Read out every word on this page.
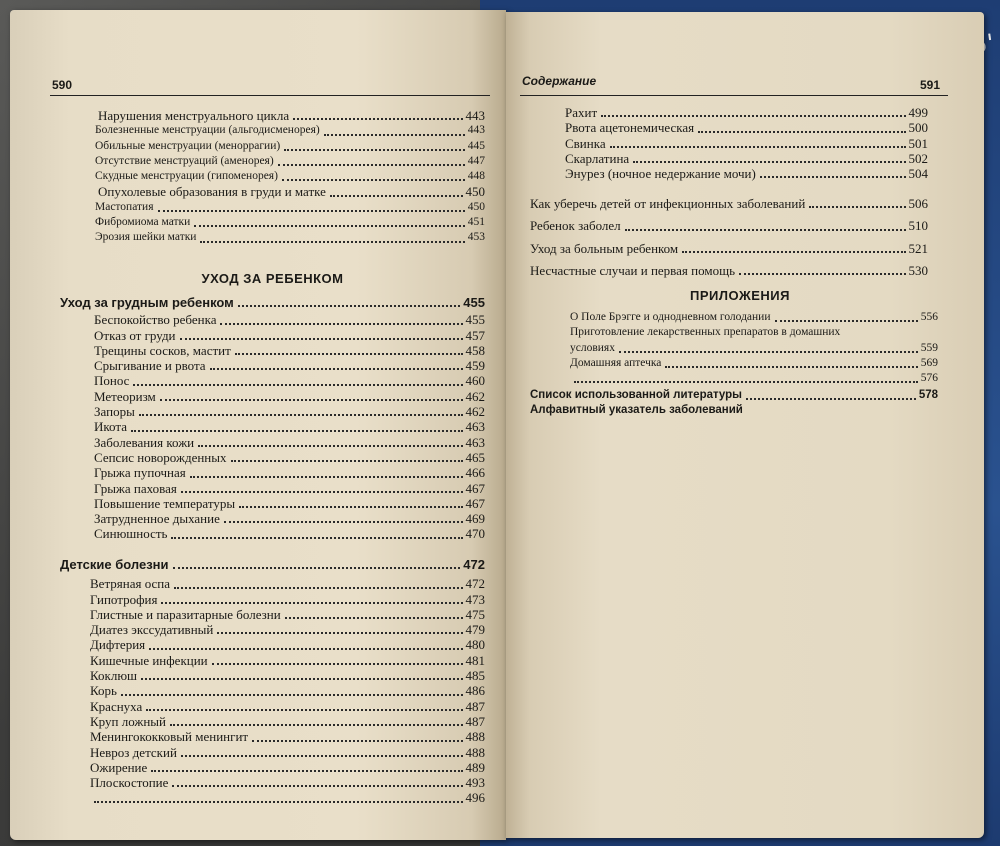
590	Содержание	591
Нарушения менструального цикла	443
Болезненные менструации (альгодисменорея)	443
Обильные менструации (меноррагии)	445
Отсутствие менструаций (аменорея)	447
Скудные менструации (гипоменорея)	448
Опухолевые образования в груди и матке	450
Мастопатия	450
Фибромиома матки	451
Эрозия шейки матки	453
УХОД ЗА РЕБЕНКОМ
Уход за грудным ребенком	455
Беспокойство ребенка	455
Отказ от груди	457
Трещины сосков, мастит	458
Срыгивание и рвота	459
Понос	460
Метеоризм	462
Запоры	462
Икота	463
Заболевания кожи	463
Сепсис новорожденных	465
Грыжа пупочная	466
Грыжа паховая	467
Повышение температуры	467
Затрудненное дыхание	469
Синюшность	470
Детские болезни	472
Ветряная оспа	472
Гипотрофия	473
Глистные и паразитарные болезни	475
Диатез экссудативный	479
Дифтерия	480
Кишечные инфекции	481
Коклюш	485
Корь	486
Краснуха	487
Круп ложный	487
Менингококковый менингит	488
Невроз детский	488
Ожирение	489
Плоскостопие	493
496
Рахит	499
Рвота ацетонемическая	500
Свинка	501
Скарлатина	502
Энурез (ночное недержание мочи)	504
Как уберечь детей от инфекционных заболеваний	506
Ребенок заболел	510
Уход за больным ребенком	521
Несчастные случаи и первая помощь	530
ПРИЛОЖЕНИЯ
О Поле Брэгге и однодневном голодании	556
Приготовление лекарственных препаратов в домашних
условиях	559
Домашняя аптечка	569
576
Список использованной литературы	578
Алфавитный указатель заболеваний
